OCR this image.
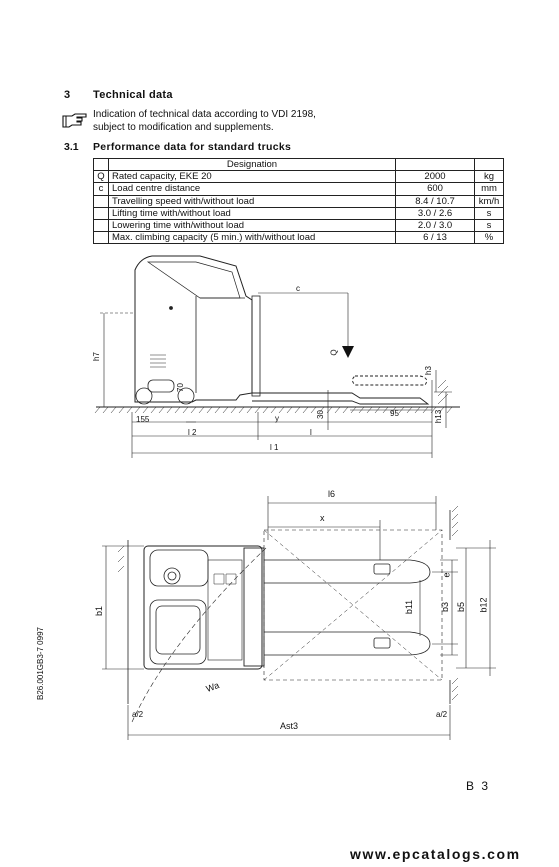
3 Technical data
Indication of technical data according to VDI 2198,
subject to modification and supplements.
3.1 Performance data for standard trucks
	Designation		
Q	Rated capacity, EKE 20	2000	kg
c	Load centre distance	600	mm
	Travelling speed with/without load	8.4 / 10.7	km/h
	Lifting time with/without load	3.0 / 2.6	s
	Lowering time with/without load	2.0 / 3.0	s
	Max. climbing capacity (5 min.) with/without load	6 / 13	%
c
Q
h7
h3
h13
70
155
30	95
y
l 2	l
l 1
l6
x
b1	b11	b3 b5 b12
e
Wa
Ast3
a/2	a/2
B26.001GB3-7 0997
B 3
www.epcatalogs.com
